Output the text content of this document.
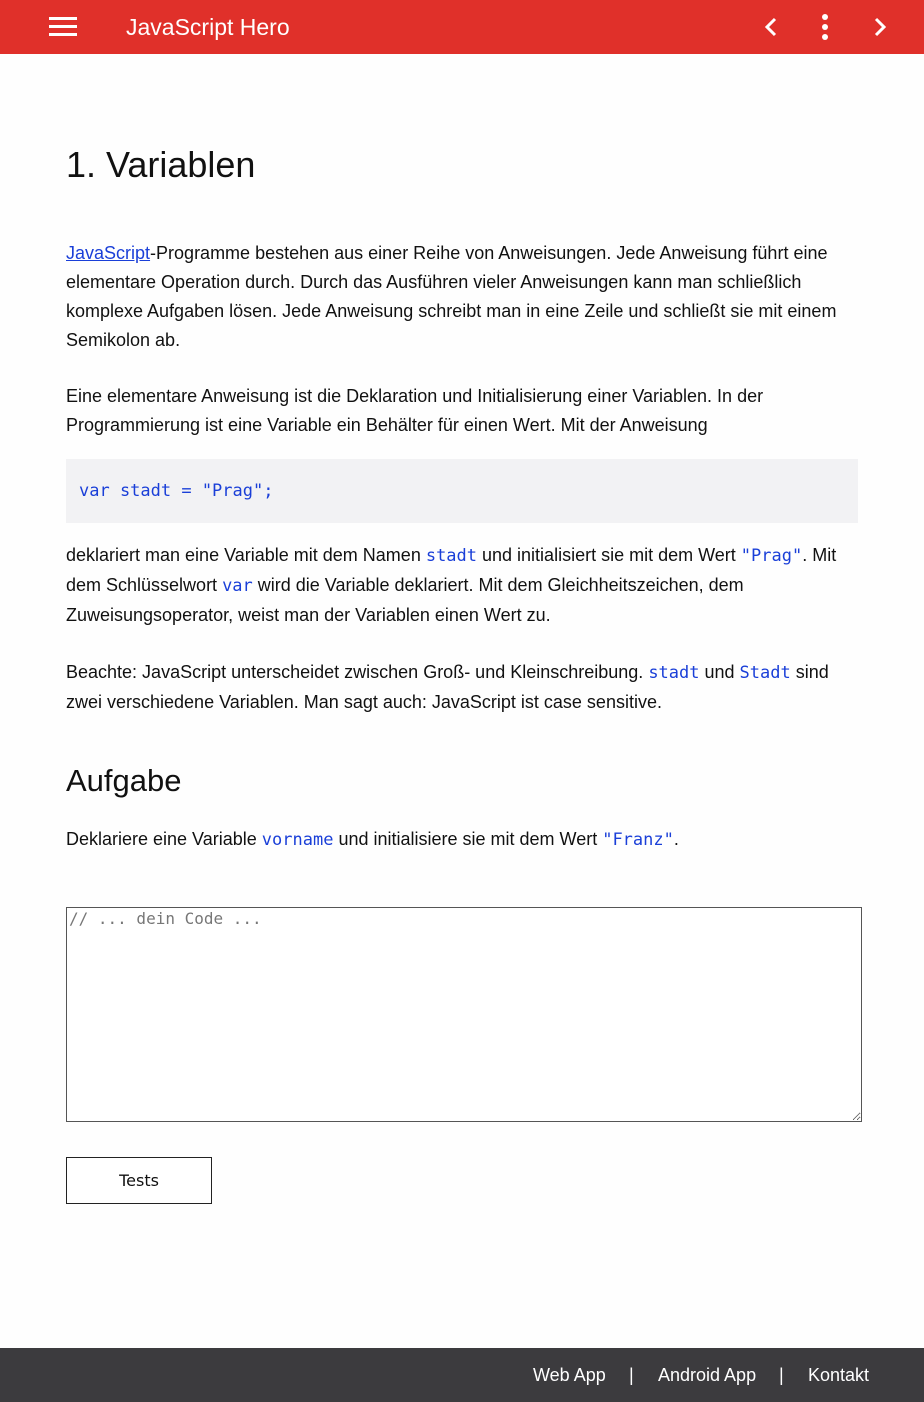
JavaScript Hero
1. Variablen

JavaScript-Programme bestehen aus einer Reihe von Anweisungen. Jede Anweisung führt eine elementare Operation durch. Durch das Ausführen vieler Anweisungen kann man schließlich komplexe Aufgaben lösen. Jede Anweisung schreibt man in eine Zeile und schließt sie mit einem Semikolon ab.

Eine elementare Anweisung ist die Deklaration und Initialisierung einer Variablen. In der Programmierung ist eine Variable ein Behälter für einen Wert. Mit der Anweisung

var stadt = "Prag";

deklariert man eine Variable mit dem Namen stadt und initialisiert sie mit dem Wert "Prag". Mit dem Schlüsselwort var wird die Variable deklariert. Mit dem Gleichheitszeichen, dem Zuweisungsoperator, weist man der Variablen einen Wert zu.

Beachte: JavaScript unterscheidet zwischen Groß- und Kleinschreibung. stadt und Stadt sind zwei verschiedene Variablen. Man sagt auch: JavaScript ist case sensitive.

Aufgabe

Deklariere eine Variable vorname und initialisiere sie mit dem Wert "Franz".

// ... dein Code ...
Tests
Web App | Android App | Kontakt
